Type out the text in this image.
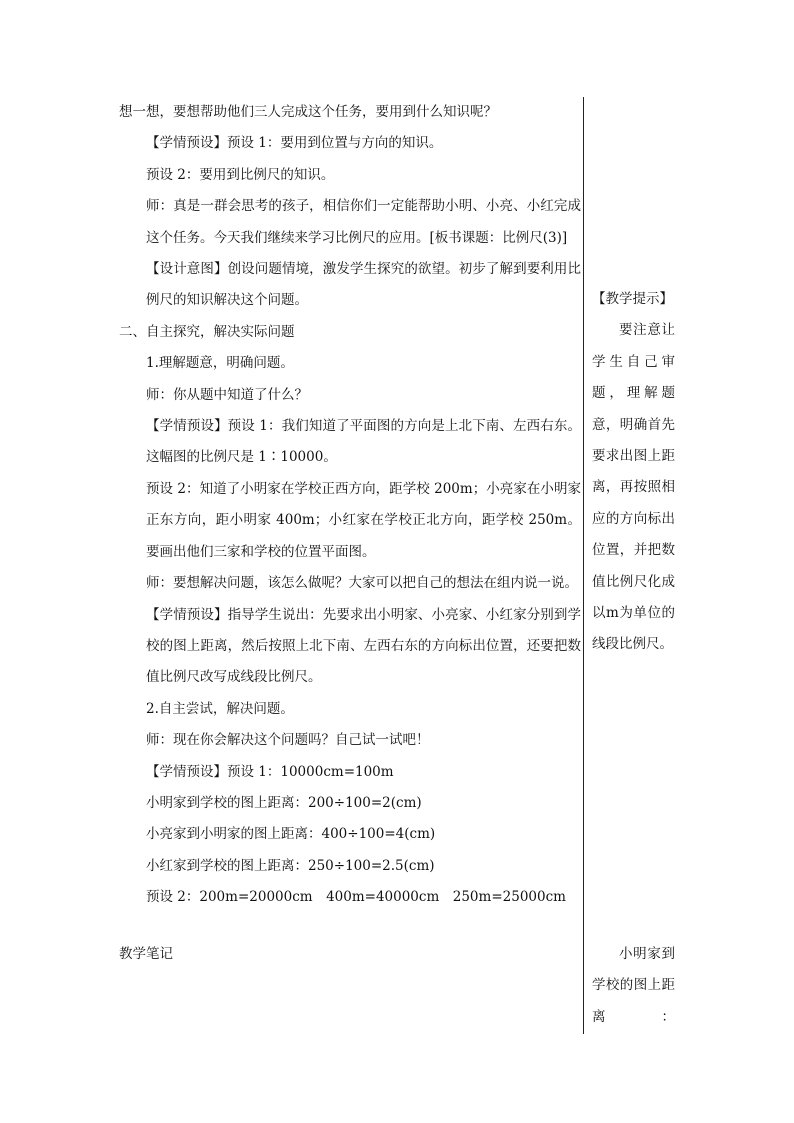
想一想，要想帮助他们三人完成这个任务，要用到什么知识呢？

【学情预设】预设 1：要用到位置与方向的知识。

预设 2：要用到比例尺的知识。

师：真是一群会思考的孩子，相信你们一定能帮助小明、小亮、小红完成这个任务。今天我们继续来学习比例尺的应用。[板书课题：比例尺(3)]

【设计意图】创设问题情境，激发学生探究的欲望。初步了解到要利用比例尺的知识解决这个问题。

二、自主探究，解决实际问题

1.理解题意，明确问题。

师：你从题中知道了什么？

【学情预设】预设 1：我们知道了平面图的方向是上北下南、左西右东。这幅图的比例尺是 1∶10000。

预设 2：知道了小明家在学校正西方向，距学校 200m；小亮家在小明家正东方向，距小明家 400m；小红家在学校正北方向，距学校 250m。要画出他们三家和学校的位置平面图。

师：要想解决问题，该怎么做呢？大家可以把自己的想法在组内说一说。

【学情预设】指导学生说出：先要求出小明家、小亮家、小红家分别到学校的图上距离，然后按照上北下南、左西右东的方向标出位置，还要把数值比例尺改写成线段比例尺。

2.自主尝试，解决问题。

师：现在你会解决这个问题吗？自己试一试吧！

【学情预设】预设 1：10000cm=100m

小明家到学校的图上距离：200÷100=2(cm)

小亮家到小明家的图上距离：400÷100=4(cm)

小红家到学校的图上距离：250÷100=2.5(cm)

预设 2：200m=20000cm　400m=40000cm　250m=25000cm

【教学提示】

要注意让学生自己审题，理解题意，明确首先要求出图上距离，再按照相应的方向标出位置，并把数值比例尺化成以m为单位的线段比例尺。

教学笔记	小明家到学校的图上距离：
